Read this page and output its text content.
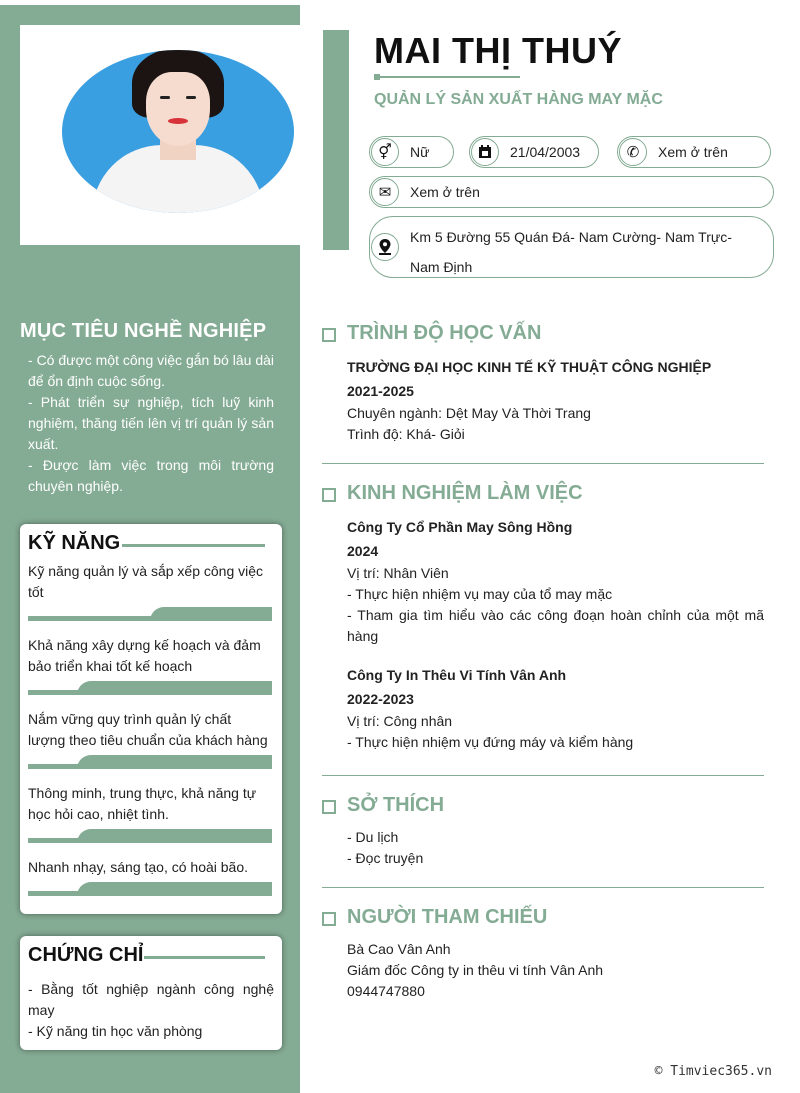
MỤC TIÊU NGHỀ NGHIỆP
- Có được một công việc gắn bó lâu dài để ổn định cuộc sống.
- Phát triển sự nghiệp, tích luỹ kinh nghiệm, thăng tiến lên vị trí quản lý sản xuất.
- Được làm việc trong môi trường chuyên nghiệp.
KỸ NĂNG
Kỹ năng quản lý và sắp xếp công việc tốt
Khả năng xây dựng kế hoạch và đảm bảo triển khai tốt kế hoạch
Nắm vững quy trình quản lý chất lượng theo tiêu chuẩn của khách hàng
Thông minh, trung thực, khả năng tự học hỏi cao, nhiệt tình.
Nhanh nhạy, sáng tạo, có hoài bão.
CHỨNG CHỈ
- Bằng tốt nghiệp ngành công nghệ may
- Kỹ năng tin học văn phòng
MAI THỊ THUÝ
QUẢN LÝ SẢN XUẤT HÀNG MAY MẶC
⚥	Nữ	21/04/2003	✆	Xem ở trên
✉	Xem ở trên
Km 5 Đường 55 Quán Đá- Nam Cường- Nam Trực- Nam Định
TRÌNH ĐỘ HỌC VẤN
TRƯỜNG ĐẠI HỌC KINH TẾ KỸ THUẬT CÔNG NGHIỆP
2021-2025
Chuyên ngành: Dệt May Và Thời Trang
Trình độ: Khá- Giỏi
KINH NGHIỆM LÀM VIỆC
Công Ty Cổ Phần May Sông Hồng
2024
Vị trí: Nhân Viên
- Thực hiện nhiệm vụ may của tổ may mặc
- Tham gia tìm hiểu vào các công đoạn hoàn chỉnh của một mã hàng
Công Ty In Thêu Vi Tính Vân Anh
2022-2023
Vị trí: Công nhân
- Thực hiện nhiệm vụ đứng máy và kiểm hàng
SỞ THÍCH
- Du lịch
- Đọc truyện
NGƯỜI THAM CHIẾU
Bà Cao Vân Anh
Giám đốc Công ty in thêu vi tính Vân Anh
0944747880
© Timviec365.vn
